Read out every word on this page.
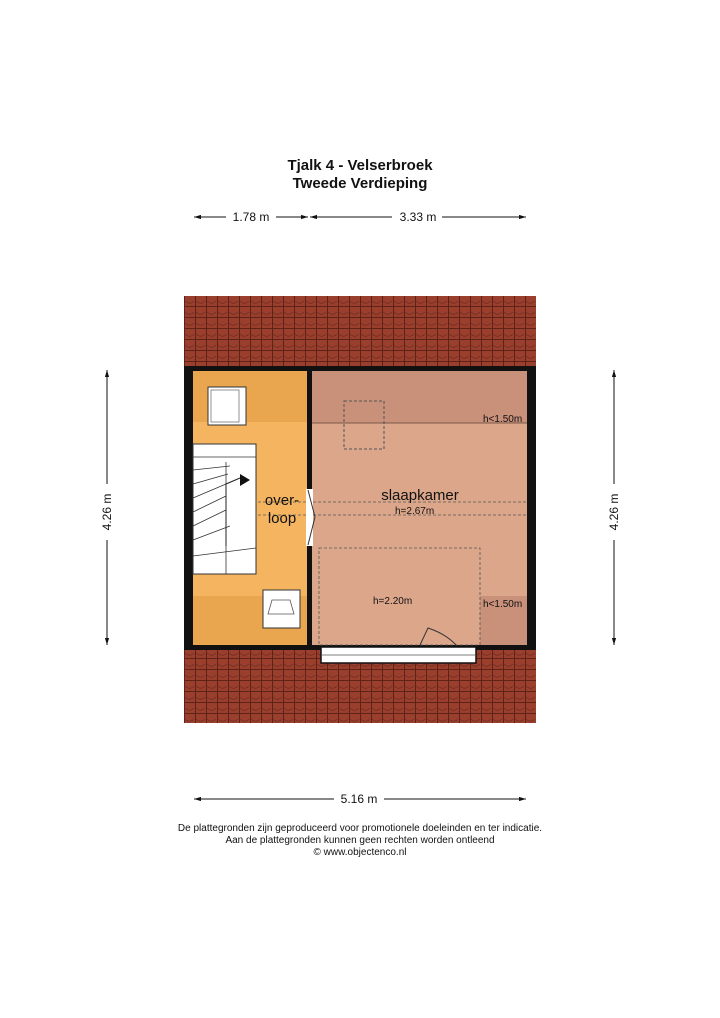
Tjalk 4 - Velserbroek
Tweede Verdieping
1.78 m	3.33 m
4.26 m	4.26 m
5.16 m
over-
loop
slaapkamer
h<1.50m
h=2.67m
h=2.20m	h<1.50m
De plattegronden zijn geproduceerd voor promotionele doeleinden en ter indicatie.
Aan de plattegronden kunnen geen rechten worden ontleend
© www.objectenco.nl
